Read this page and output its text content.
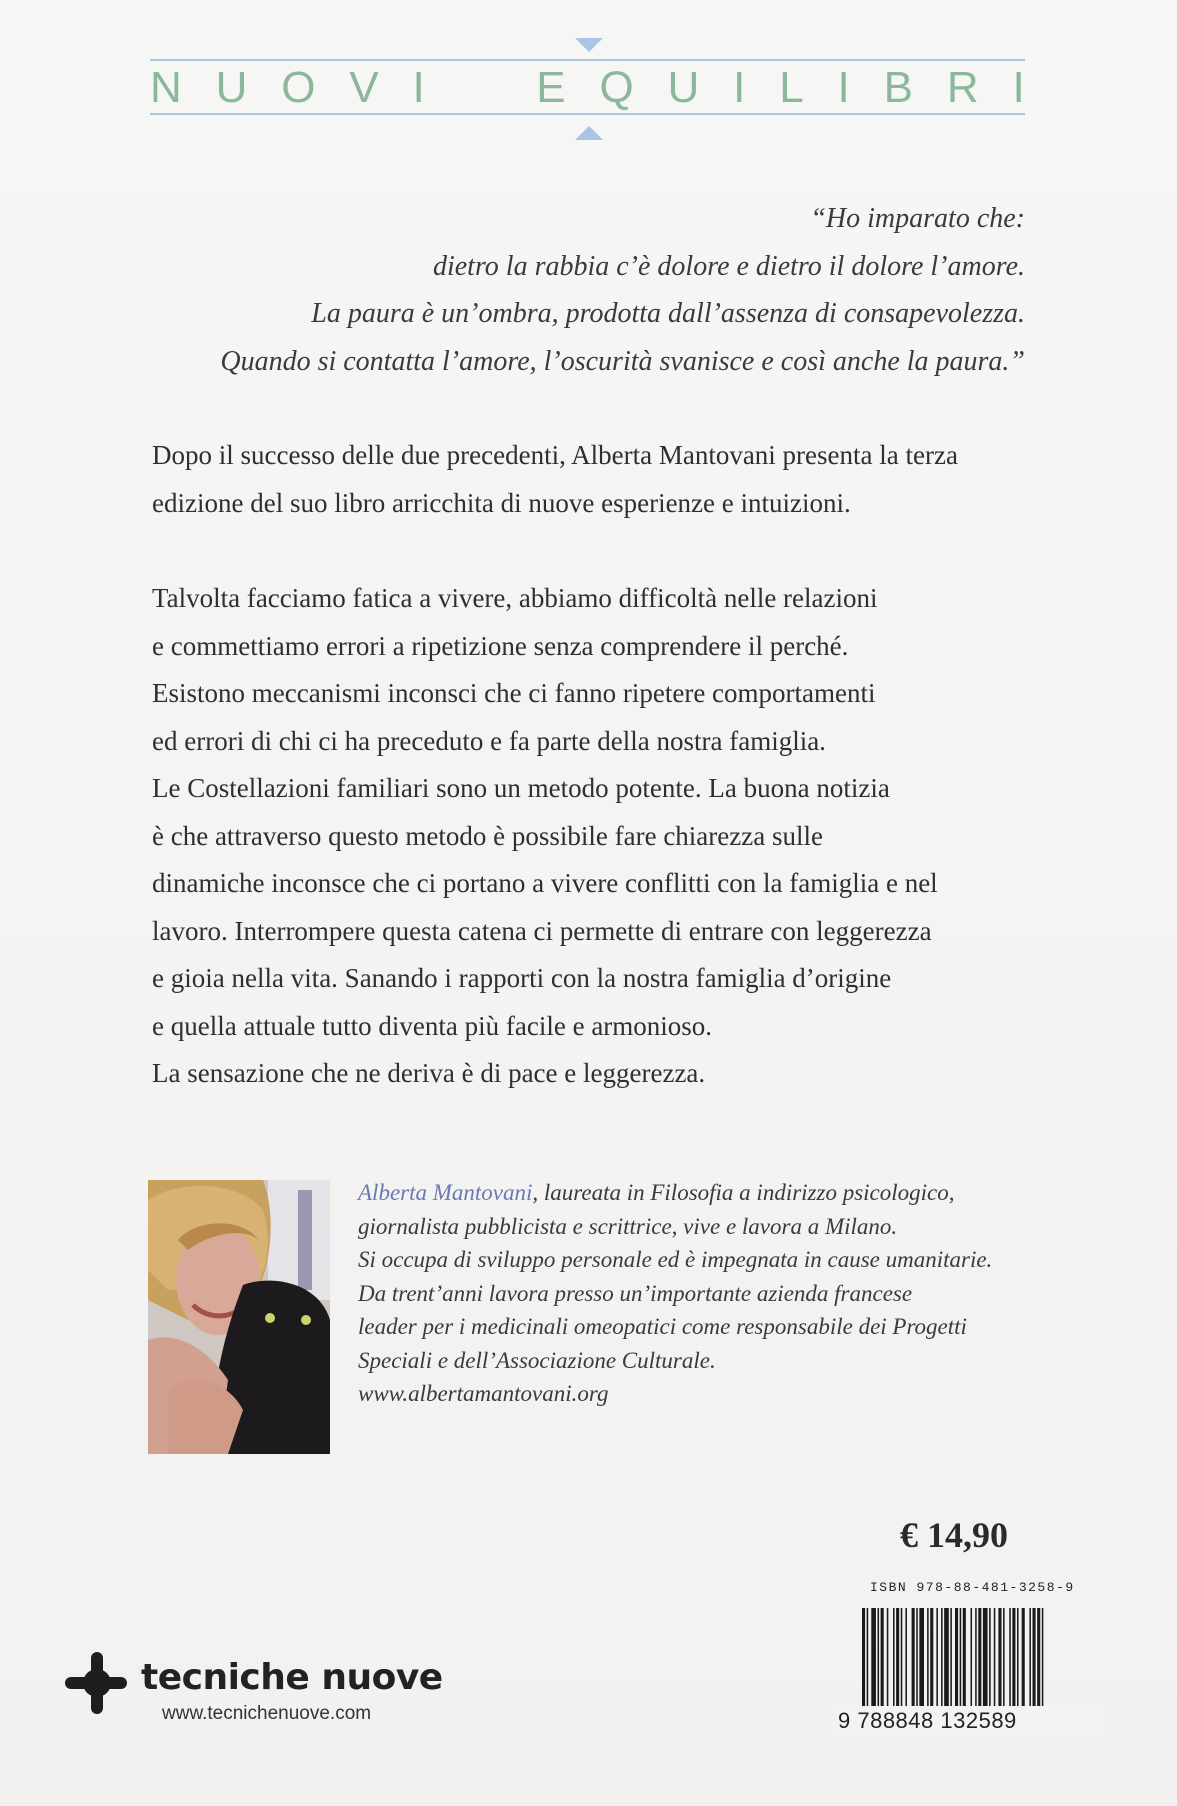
N U O V I	E Q U I L I B R I
“Ho imparato che:
dietro la rabbia c’è dolore e dietro il dolore l’amore.
La paura è un’ombra, prodotta dall’assenza di consapevolezza.
Quando si contatta l’amore, l’oscurità svanisce e così anche la paura.”
Dopo il successo delle due precedenti, Alberta Mantovani presenta la terza
edizione del suo libro arricchita di nuove esperienze e intuizioni.
Talvolta facciamo fatica a vivere, abbiamo difficoltà nelle relazioni
e commettiamo errori a ripetizione senza comprendere il perché.
Esistono meccanismi inconsci che ci fanno ripetere comportamenti
ed errori di chi ci ha preceduto e fa parte della nostra famiglia.
Le Costellazioni familiari sono un metodo potente. La buona notizia
è che attraverso questo metodo è possibile fare chiarezza sulle
dinamiche inconsce che ci portano a vivere conflitti con la famiglia e nel
lavoro. Interrompere questa catena ci permette di entrare con leggerezza
e gioia nella vita. Sanando i rapporti con la nostra famiglia d’origine
e quella attuale tutto diventa più facile e armonioso.
La sensazione che ne deriva è di pace e leggerezza.
Alberta Mantovani, laureata in Filosofia a indirizzo psicologico,
giornalista pubblicista e scrittrice, vive e lavora a Milano.
Si occupa di sviluppo personale ed è impegnata in cause umanitarie.
Da trent’anni lavora presso un’importante azienda francese
leader per i medicinali omeopatici come responsabile dei Progetti
Speciali e dell’Associazione Culturale.
www.albertamantovani.org
€ 14,90
ISBN 978-88-481-3258-9
9 788848 132589
tecniche nuove
www.tecnichenuove.com
